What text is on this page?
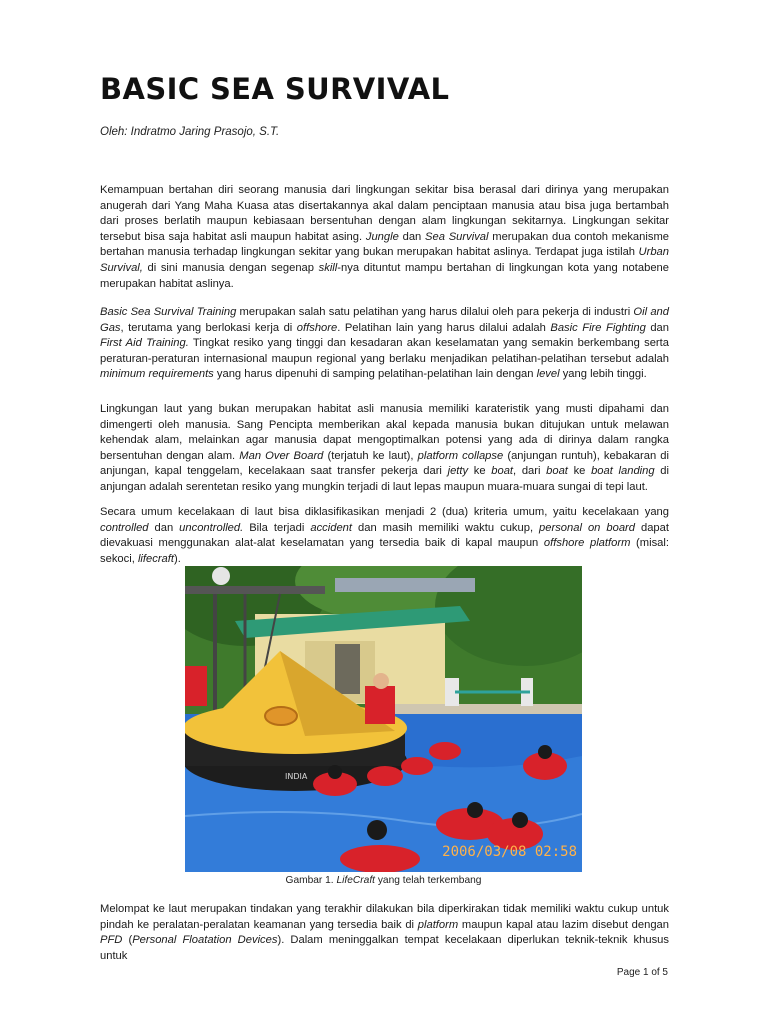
BASIC SEA SURVIVAL

Oleh: Indratmo Jaring Prasojo, S.T.

Kemampuan bertahan diri seorang manusia dari lingkungan sekitar bisa berasal dari dirinya yang merupakan anugerah dari Yang Maha Kuasa atas disertakannya akal dalam penciptaan manusia atau bisa juga bertambah dari proses berlatih maupun kebiasaan bersentuhan dengan alam lingkungan sekitarnya. Lingkungan sekitar tersebut bisa saja habitat asli maupun habitat asing. Jungle dan Sea Survival merupakan dua contoh mekanisme bertahan manusia terhadap lingkungan sekitar yang bukan merupakan habitat aslinya. Terdapat juga istilah Urban Survival, di sini manusia dengan segenap skill-nya dituntut mampu bertahan di lingkungan kota yang notabene merupakan habitat aslinya.

Basic Sea Survival Training merupakan salah satu pelatihan yang harus dilalui oleh para pekerja di industri Oil and Gas, terutama yang berlokasi kerja di offshore. Pelatihan lain yang harus dilalui adalah Basic Fire Fighting dan First Aid Training. Tingkat resiko yang tinggi dan kesadaran akan keselamatan yang semakin berkembang serta peraturan-peraturan internasional maupun regional yang berlaku menjadikan pelatihan-pelatihan tersebut adalah minimum requirements yang harus dipenuhi di samping pelatihan-pelatihan lain dengan level yang lebih tinggi.

Lingkungan laut yang bukan merupakan habitat asli manusia memiliki karateristik yang musti dipahami dan dimengerti oleh manusia. Sang Pencipta memberikan akal kepada manusia bukan ditujukan untuk melawan kehendak alam, melainkan agar manusia dapat mengoptimalkan potensi yang ada di dirinya dalam rangka bersentuhan dengan alam. Man Over Board (terjatuh ke laut), platform collapse (anjungan runtuh), kebakaran di anjungan, kapal tenggelam, kecelakaan saat transfer pekerja dari jetty ke boat, dari boat ke boat landing di anjungan adalah serentetan resiko yang mungkin terjadi di laut lepas maupun muara-muara sungai di tepi laut.

Secara umum kecelakaan di laut bisa diklasifikasikan menjadi 2 (dua) kriteria umum, yaitu kecelakaan yang controlled dan uncontrolled. Bila terjadi accident dan masih memiliki waktu cukup, personal on board dapat dievakuasi menggunakan alat-alat keselamatan yang tersedia baik di kapal maupun offshore platform (misal: sekoci, lifecraft).

INDIA
2006/03/08 02:58

Gambar 1. LifeCraft yang telah terkembang

Melompat ke laut merupakan tindakan yang terakhir dilakukan bila diperkirakan tidak memiliki waktu cukup untuk pindah ke peralatan-peralatan keamanan yang tersedia baik di platform maupun kapal atau lazim disebut dengan PFD (Personal Floatation Devices). Dalam meninggalkan tempat kecelakaan diperlukan teknik-teknik khusus untuk

Page 1 of 5
